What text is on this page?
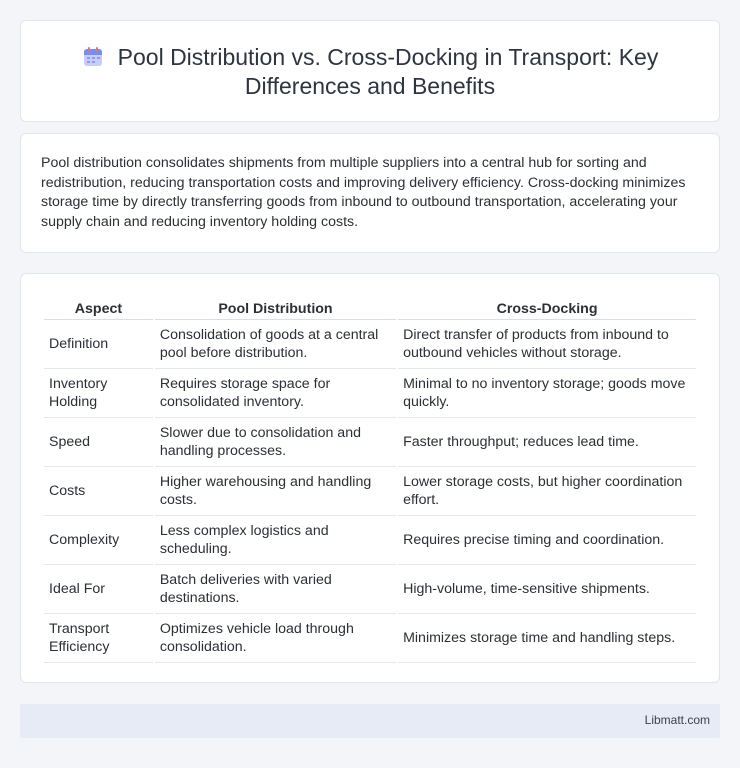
Pool Distribution vs. Cross-Docking in Transport: Key Differences and Benefits

Pool distribution consolidates shipments from multiple suppliers into a central hub for sorting and redistribution, reducing transportation costs and improving delivery efficiency. Cross-docking minimizes storage time by directly transferring goods from inbound to outbound transportation, accelerating your supply chain and reducing inventory holding costs.

Aspect	Pool Distribution	Cross-Docking
Definition	Consolidation of goods at a central pool before distribution.	Direct transfer of products from inbound to outbound vehicles without storage.
Inventory Holding	Requires storage space for consolidated inventory.	Minimal to no inventory storage; goods move quickly.
Speed	Slower due to consolidation and handling processes.	Faster throughput; reduces lead time.
Costs	Higher warehousing and handling costs.	Lower storage costs, but higher coordination effort.
Complexity	Less complex logistics and scheduling.	Requires precise timing and coordination.
Ideal For	Batch deliveries with varied destinations.	High-volume, time-sensitive shipments.
Transport Efficiency	Optimizes vehicle load through consolidation.	Minimizes storage time and handling steps.
Libmatt.com
